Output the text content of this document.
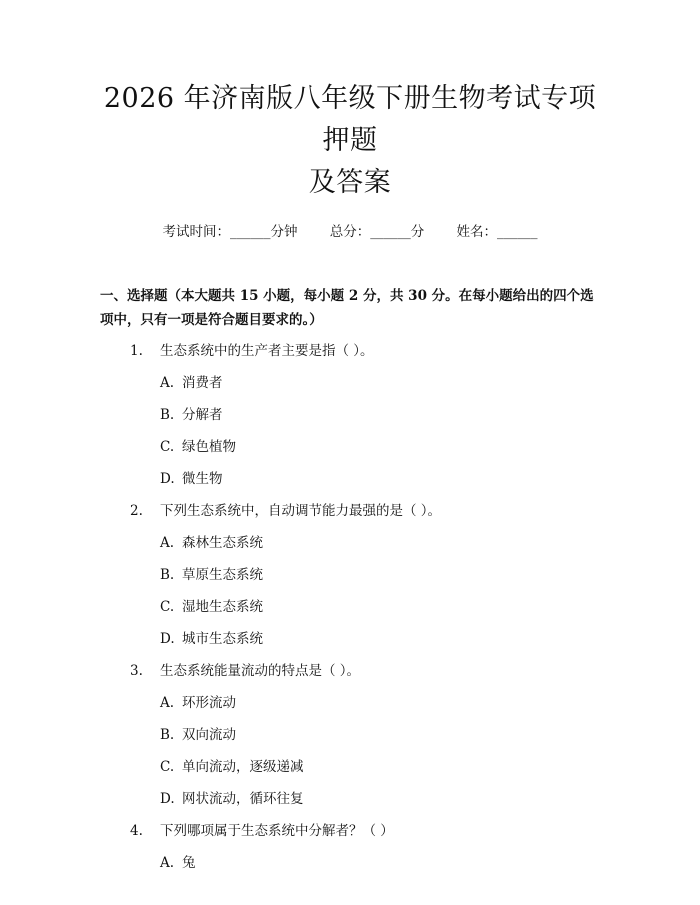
2026 年济南版八年级下册生物考试专项押题
及答案
考试时间：______分钟 总分：______分 姓名：______
一、选择题（本大题共 15 小题，每小题 2 分，共 30 分。在每小题给出的四个选项中，只有一项是符合题目要求的。）
1.	生态系统中的生产者主要是指（ ）。
A. 消费者
B. 分解者
C. 绿色植物
D. 微生物
2.	下列生态系统中，自动调节能力最强的是（ ）。
A. 森林生态系统
B. 草原生态系统
C. 湿地生态系统
D. 城市生态系统
3.	生态系统能量流动的特点是（ ）。
A. 环形流动
B. 双向流动
C. 单向流动，逐级递减
D. 网状流动，循环往复
4.	下列哪项属于生态系统中分解者？（ ）
A. 兔
